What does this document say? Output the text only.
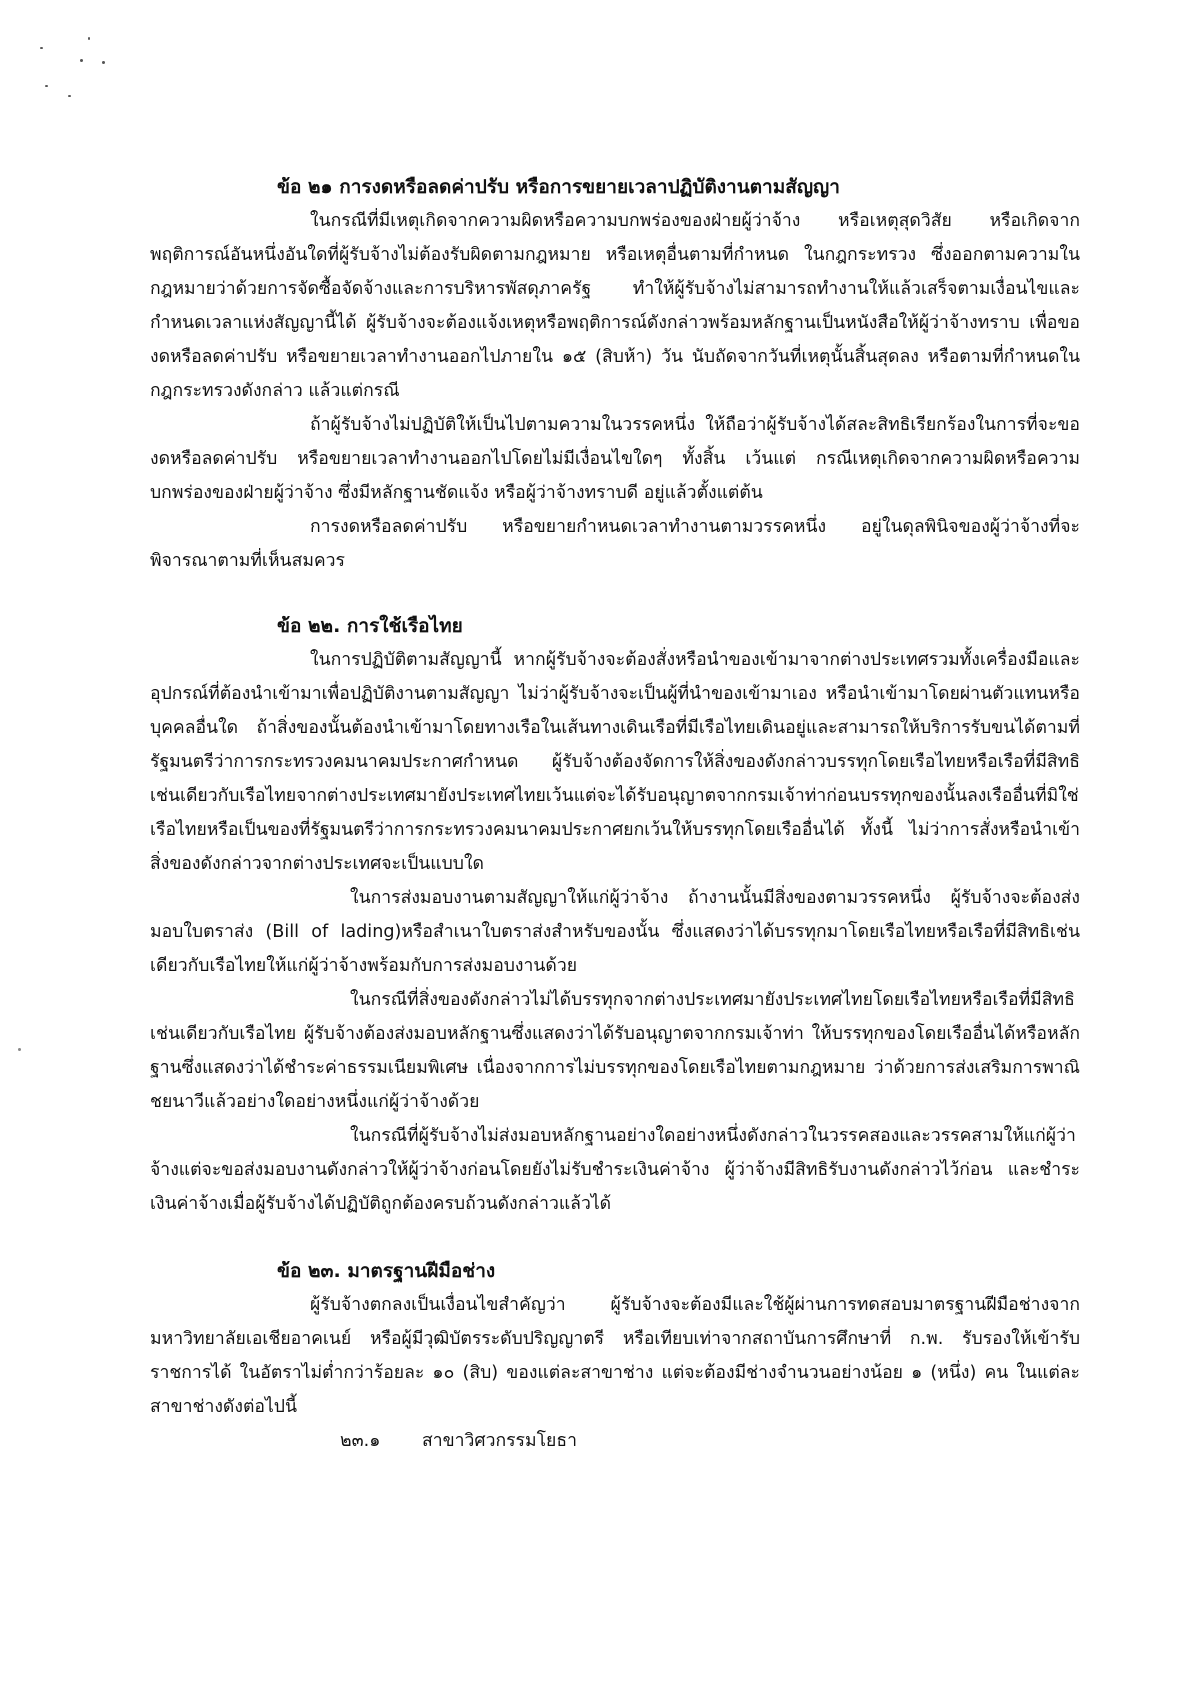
ข้อ ๒๑ การงดหรือลดค่าปรับ หรือการขยายเวลาปฏิบัติงานตามสัญญา

ในกรณีที่มีเหตุเกิดจากความผิดหรือความบกพร่องของฝ่ายผู้ว่าจ้าง หรือเหตุสุดวิสัย หรือเกิดจากพฤติการณ์อันหนึ่งอันใดที่ผู้รับจ้างไม่ต้องรับผิดตามกฎหมาย หรือเหตุอื่นตามที่กำหนด ในกฎกระทรวง ซึ่งออกตามความในกฎหมายว่าด้วยการจัดซื้อจัดจ้างและการบริหารพัสดุภาครัฐ ทำให้ผู้รับจ้างไม่สามารถทำงานให้แล้วเสร็จตามเงื่อนไขและกำหนดเวลาแห่งสัญญานี้ได้ ผู้รับจ้างจะต้องแจ้งเหตุหรือพฤติการณ์ดังกล่าวพร้อมหลักฐานเป็นหนังสือให้ผู้ว่าจ้างทราบ เพื่อของดหรือลดค่าปรับ หรือขยายเวลาทำงานออกไปภายใน ๑๕ (สิบห้า) วัน นับถัดจากวันที่เหตุนั้นสิ้นสุดลง หรือตามที่กำหนดในกฎกระทรวงดังกล่าว แล้วแต่กรณี

ถ้าผู้รับจ้างไม่ปฏิบัติให้เป็นไปตามความในวรรคหนึ่ง ให้ถือว่าผู้รับจ้างได้สละสิทธิเรียกร้องในการที่จะของดหรือลดค่าปรับ หรือขยายเวลาทำงานออกไปโดยไม่มีเงื่อนไขใดๆ ทั้งสิ้น เว้นแต่ กรณีเหตุเกิดจากความผิดหรือความบกพร่องของฝ่ายผู้ว่าจ้าง ซึ่งมีหลักฐานชัดแจ้ง หรือผู้ว่าจ้างทราบดี อยู่แล้วตั้งแต่ต้น

การงดหรือลดค่าปรับ หรือขยายกำหนดเวลาทำงานตามวรรคหนึ่ง อยู่ในดุลพินิจของผู้ว่าจ้างที่จะพิจารณาตามที่เห็นสมควร

ข้อ ๒๒. การใช้เรือไทย

ในการปฏิบัติตามสัญญานี้ หากผู้รับจ้างจะต้องสั่งหรือนำของเข้ามาจากต่างประเทศรวมทั้งเครื่องมือและอุปกรณ์ที่ต้องนำเข้ามาเพื่อปฏิบัติงานตามสัญญา ไม่ว่าผู้รับจ้างจะเป็นผู้ที่นำของเข้ามาเอง หรือนำเข้ามาโดยผ่านตัวแทนหรือบุคคลอื่นใด ถ้าสิ่งของนั้นต้องนำเข้ามาโดยทางเรือในเส้นทางเดินเรือที่มีเรือไทยเดินอยู่และสามารถให้บริการรับขนได้ตามที่รัฐมนตรีว่าการกระทรวงคมนาคมประกาศกำหนด ผู้รับจ้างต้องจัดการให้สิ่งของดังกล่าวบรรทุกโดยเรือไทยหรือเรือที่มีสิทธิเช่นเดียวกับเรือไทยจากต่างประเทศมายังประเทศไทยเว้นแต่จะได้รับอนุญาตจากกรมเจ้าท่าก่อนบรรทุกของนั้นลงเรืออื่นที่มิใช่เรือไทยหรือเป็นของที่รัฐมนตรีว่าการกระทรวงคมนาคมประกาศยกเว้นให้บรรทุกโดยเรืออื่นได้ ทั้งนี้ ไม่ว่าการสั่งหรือนำเข้าสิ่งของดังกล่าวจากต่างประเทศจะเป็นแบบใด

ในการส่งมอบงานตามสัญญาให้แก่ผู้ว่าจ้าง ถ้างานนั้นมีสิ่งของตามวรรคหนึ่ง ผู้รับจ้างจะต้องส่งมอบใบตราส่ง (Bill of lading)หรือสำเนาใบตราส่งสำหรับของนั้น ซึ่งแสดงว่าได้บรรทุกมาโดยเรือไทยหรือเรือที่มีสิทธิเช่นเดียวกับเรือไทยให้แก่ผู้ว่าจ้างพร้อมกับการส่งมอบงานด้วย

ในกรณีที่สิ่งของดังกล่าวไม่ได้บรรทุกจากต่างประเทศมายังประเทศไทยโดยเรือไทยหรือเรือที่มีสิทธิเช่นเดียวกับเรือไทย ผู้รับจ้างต้องส่งมอบหลักฐานซึ่งแสดงว่าได้รับอนุญาตจากกรมเจ้าท่า ให้บรรทุกของโดยเรืออื่นได้หรือหลักฐานซึ่งแสดงว่าได้ชำระค่าธรรมเนียมพิเศษ เนื่องจากการไม่บรรทุกของโดยเรือไทยตามกฎหมาย ว่าด้วยการส่งเสริมการพาณิชยนาวีแล้วอย่างใดอย่างหนึ่งแก่ผู้ว่าจ้างด้วย

ในกรณีที่ผู้รับจ้างไม่ส่งมอบหลักฐานอย่างใดอย่างหนึ่งดังกล่าวในวรรคสองและวรรคสามให้แก่ผู้ว่าจ้างแต่จะขอส่งมอบงานดังกล่าวให้ผู้ว่าจ้างก่อนโดยยังไม่รับชำระเงินค่าจ้าง ผู้ว่าจ้างมีสิทธิรับงานดังกล่าวไว้ก่อน และชำระเงินค่าจ้างเมื่อผู้รับจ้างได้ปฏิบัติถูกต้องครบถ้วนดังกล่าวแล้วได้

ข้อ ๒๓. มาตรฐานฝีมือช่าง

ผู้รับจ้างตกลงเป็นเงื่อนไขสำคัญว่า ผู้รับจ้างจะต้องมีและใช้ผู้ผ่านการทดสอบมาตรฐานฝีมือช่างจากมหาวิทยาลัยเอเชียอาคเนย์ หรือผู้มีวุฒิบัตรระดับปริญญาตรี หรือเทียบเท่าจากสถาบันการศึกษาที่ ก.พ. รับรองให้เข้ารับราชการได้ ในอัตราไม่ต่ำกว่าร้อยละ ๑๐ (สิบ) ของแต่ละสาขาช่าง แต่จะต้องมีช่างจำนวนอย่างน้อย ๑ (หนึ่ง) คน ในแต่ละสาขาช่างดังต่อไปนี้

๒๓.๑ สาขาวิศวกรรมโยธา
